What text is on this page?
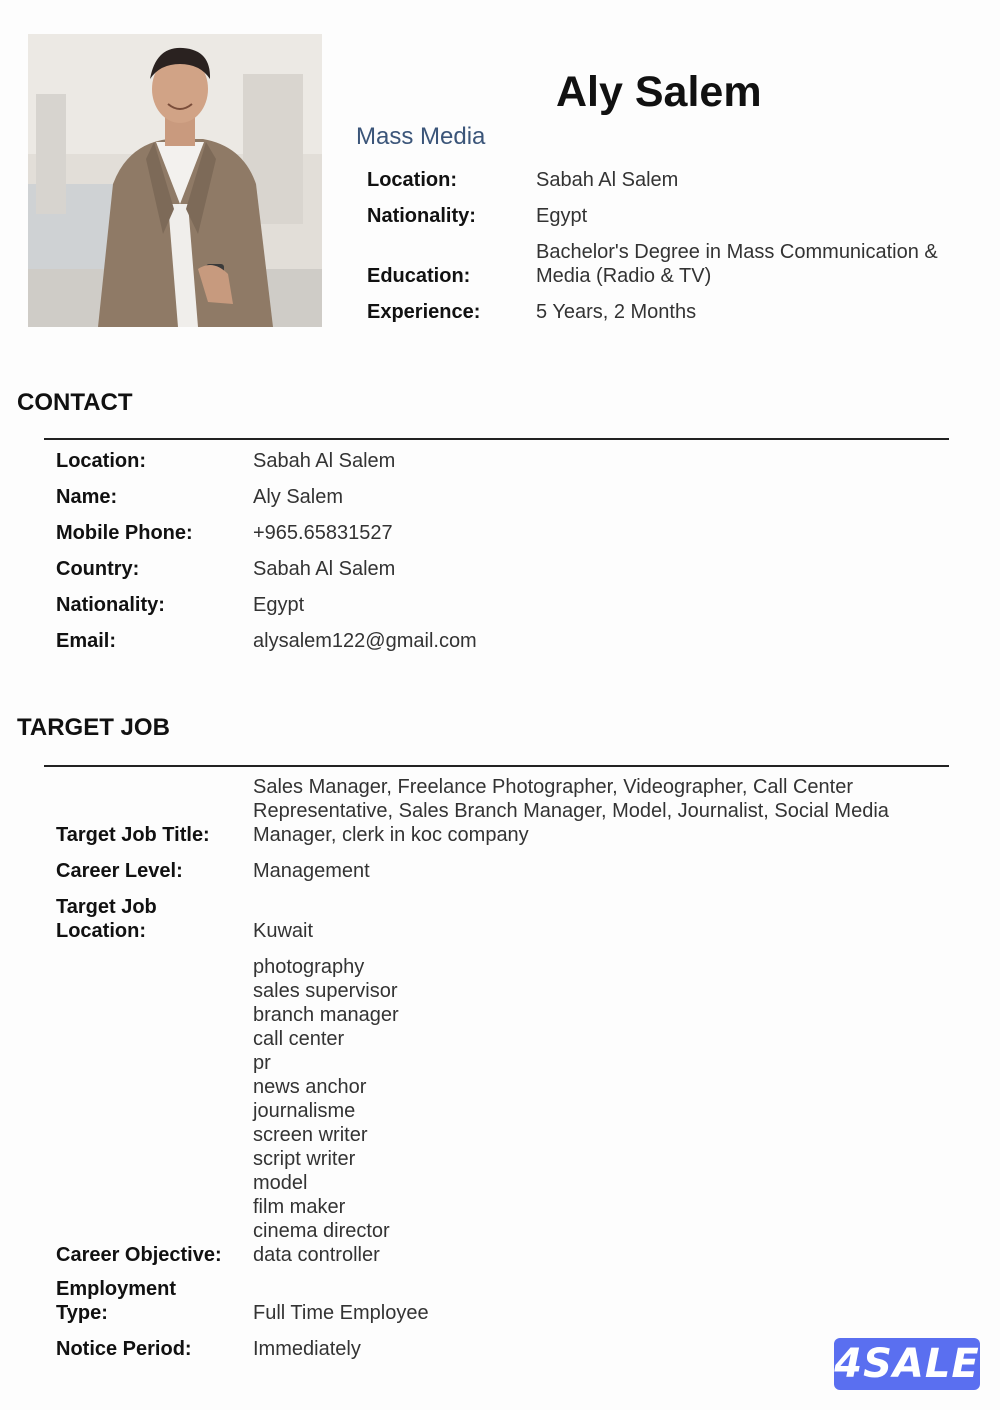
Aly Salem
Mass Media
Location:	Sabah Al Salem
Nationality:	Egypt
Education:
Bachelor's Degree in Mass Communication &
Media (Radio & TV)
Experience:	5 Years, 2 Months
CONTACT
Location:	Sabah Al Salem
Name:	Aly Salem
Mobile Phone:	+965.65831527
Country:	Sabah Al Salem
Nationality:	Egypt
Email:	alysalem122@gmail.com
TARGET JOB
Target Job Title:
Sales Manager, Freelance Photographer, Videographer, Call Center
Representative, Sales Branch Manager, Model, Journalist, Social Media
Manager, clerk in koc company
Career Level:	Management
Target Job
Location:	Kuwait
Career Objective:
photography
sales supervisor
branch manager
call center
pr
news anchor
journalisme
screen writer
script writer
model
film maker
cinema director
data controller
Employment
Type:	Full Time Employee
Notice Period:	Immediately	4SALE
